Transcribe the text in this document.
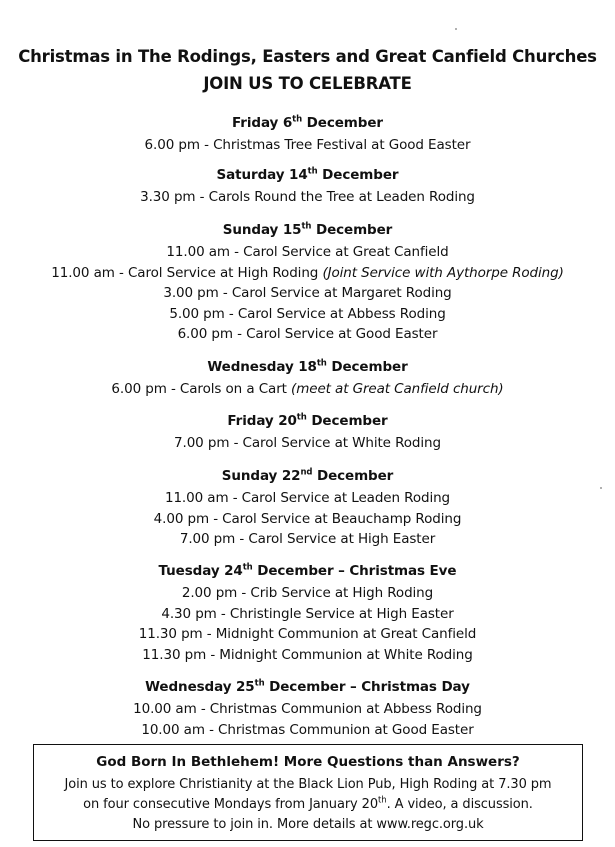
Christmas in The Rodings, Easters and Great Canfield Churches
JOIN US TO CELEBRATE
Friday 6th December
6.00 pm - Christmas Tree Festival at Good Easter
Saturday 14th December
3.30 pm - Carols Round the Tree at Leaden Roding
Sunday 15th December
11.00 am - Carol Service at Great Canfield
11.00 am - Carol Service at High Roding (Joint Service with Aythorpe Roding)
3.00 pm - Carol Service at Margaret Roding
5.00 pm - Carol Service at Abbess Roding
6.00 pm - Carol Service at Good Easter
Wednesday 18th December
6.00 pm - Carols on a Cart (meet at Great Canfield church)
Friday 20th December
7.00 pm - Carol Service at White Roding
Sunday 22nd December
11.00 am - Carol Service at Leaden Roding
4.00 pm - Carol Service at Beauchamp Roding
7.00 pm - Carol Service at High Easter
Tuesday 24th December – Christmas Eve
2.00 pm - Crib Service at High Roding
4.30 pm - Christingle Service at High Easter
11.30 pm - Midnight Communion at Great Canfield
11.30 pm - Midnight Communion at White Roding
Wednesday 25th December – Christmas Day
10.00 am - Christmas Communion at Abbess Roding
10.00 am - Christmas Communion at Good Easter
God Born In Bethlehem! More Questions than Answers?
Join us to explore Christianity at the Black Lion Pub, High Roding at 7.30 pm
on four consecutive Mondays from January 20th. A video, a discussion.
No pressure to join in. More details at www.regc.org.uk
